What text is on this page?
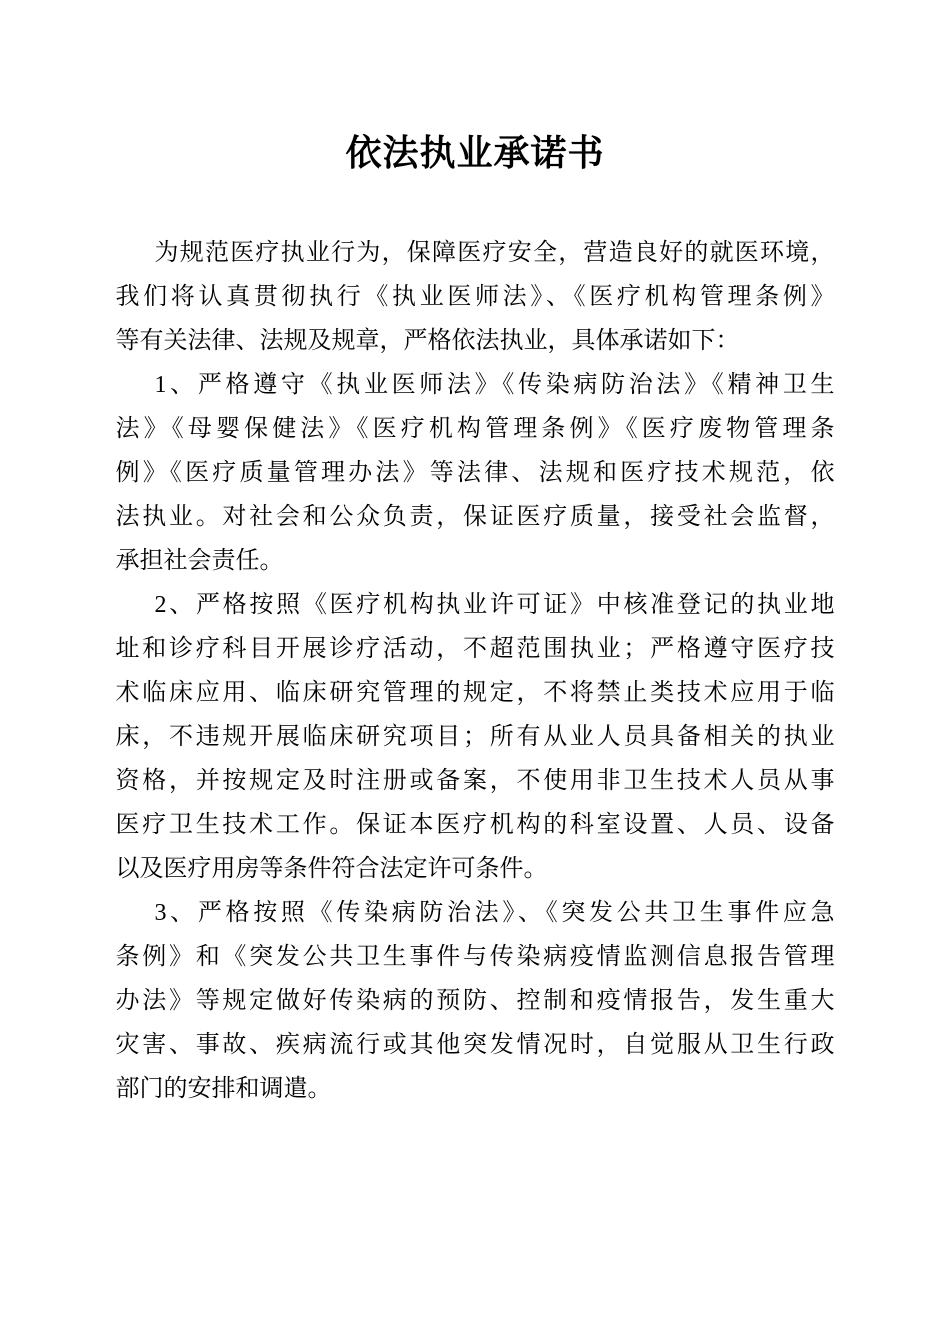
依法执业承诺书
为规范医疗执业行为，保障医疗安全，营造良好的就医环境，
我们将认真贯彻执行《执业医师法》、《医疗机构管理条例》
等有关法律、法规及规章，严格依法执业，具体承诺如下：
1、严格遵守《执业医师法》《传染病防治法》《精神卫生
法》《母婴保健法》《医疗机构管理条例》《医疗废物管理条
例》《医疗质量管理办法》等法律、法规和医疗技术规范，依
法执业。对社会和公众负责，保证医疗质量，接受社会监督，
承担社会责任。
2、严格按照《医疗机构执业许可证》中核准登记的执业地
址和诊疗科目开展诊疗活动，不超范围执业；严格遵守医疗技
术临床应用、临床研究管理的规定，不将禁止类技术应用于临
床，不违规开展临床研究项目；所有从业人员具备相关的执业
资格，并按规定及时注册或备案，不使用非卫生技术人员从事
医疗卫生技术工作。保证本医疗机构的科室设置、人员、设备
以及医疗用房等条件符合法定许可条件。
3、严格按照《传染病防治法》、《突发公共卫生事件应急
条例》和《突发公共卫生事件与传染病疫情监测信息报告管理
办法》等规定做好传染病的预防、控制和疫情报告，发生重大
灾害、事故、疾病流行或其他突发情况时，自觉服从卫生行政
部门的安排和调遣。
